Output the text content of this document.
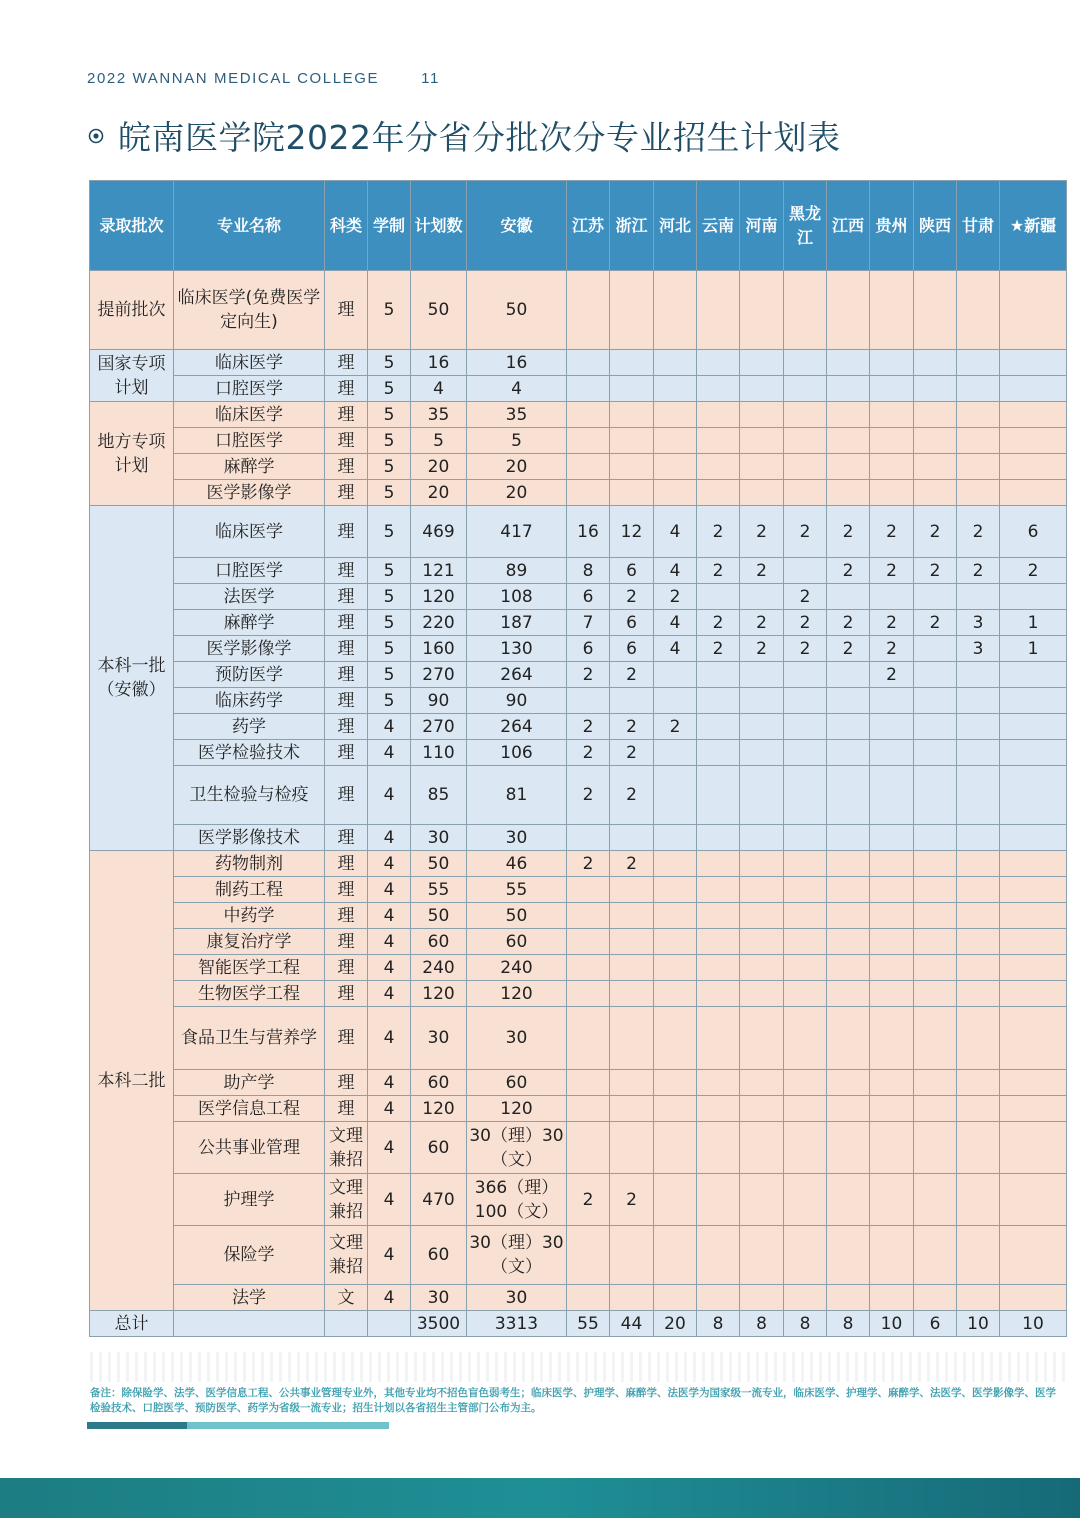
2022 WANNAN MEDICAL COLLEGE	11
皖南医学院2022年分省分批次分专业招生计划表
录取批次	专业名称	科类	学制	计划数	安徽	江苏	浙江	河北	云南	河南	黑龙江	江西	贵州	陕西	甘肃	★新疆
提前批次	临床医学(免费医学定向生)	理	5	50	50											
国家专项计划	临床医学	理	5	16	16											
	口腔医学	理	5	4	4											
地方专项计划	临床医学	理	5	35	35											
	口腔医学	理	5	5	5											
	麻醉学	理	5	20	20											
	医学影像学	理	5	20	20											
本科一批（安徽）	临床医学	理	5	469	417	16	12	4	2	2	2	2	2	2	2	6
	口腔医学	理	5	121	89	8	6	4	2	2		2	2	2	2	2
	法医学	理	5	120	108	6	2	2			2					
	麻醉学	理	5	220	187	7	6	4	2	2	2	2	2	2	3	1
	医学影像学	理	5	160	130	6	6	4	2	2	2	2	2		3	1
	预防医学	理	5	270	264	2	2						2			
	临床药学	理	5	90	90											
	药学	理	4	270	264	2	2	2								
	医学检验技术	理	4	110	106	2	2									
	卫生检验与检疫	理	4	85	81	2	2									
	医学影像技术	理	4	30	30											
本科二批	药物制剂	理	4	50	46	2	2									
	制药工程	理	4	55	55											
	中药学	理	4	50	50											
	康复治疗学	理	4	60	60											
	智能医学工程	理	4	240	240											
	生物医学工程	理	4	120	120											
	食品卫生与营养学	理	4	30	30											
	助产学	理	4	60	60											
	医学信息工程	理	4	120	120											
	公共事业管理	文理兼招	4	60	30（理）30（文）											
	护理学	文理兼招	4	470	366（理）100（文）	2	2									
	保险学	文理兼招	4	60	30（理）30（文）											
	法学	文	4	30	30											
总计				3500	3313	55	44	20	8	8	8	8	10	6	10	10
备注：除保险学、法学、医学信息工程、公共事业管理专业外，其他专业均不招色盲色弱考生；临床医学、护理学、麻醉学、法医学为国家级一流专业，临床医学、护理学、麻醉学、法医学、医学影像学、医学检验技术、口腔医学、预防医学、药学为省级一流专业；招生计划以各省招生主管部门公布为主。
